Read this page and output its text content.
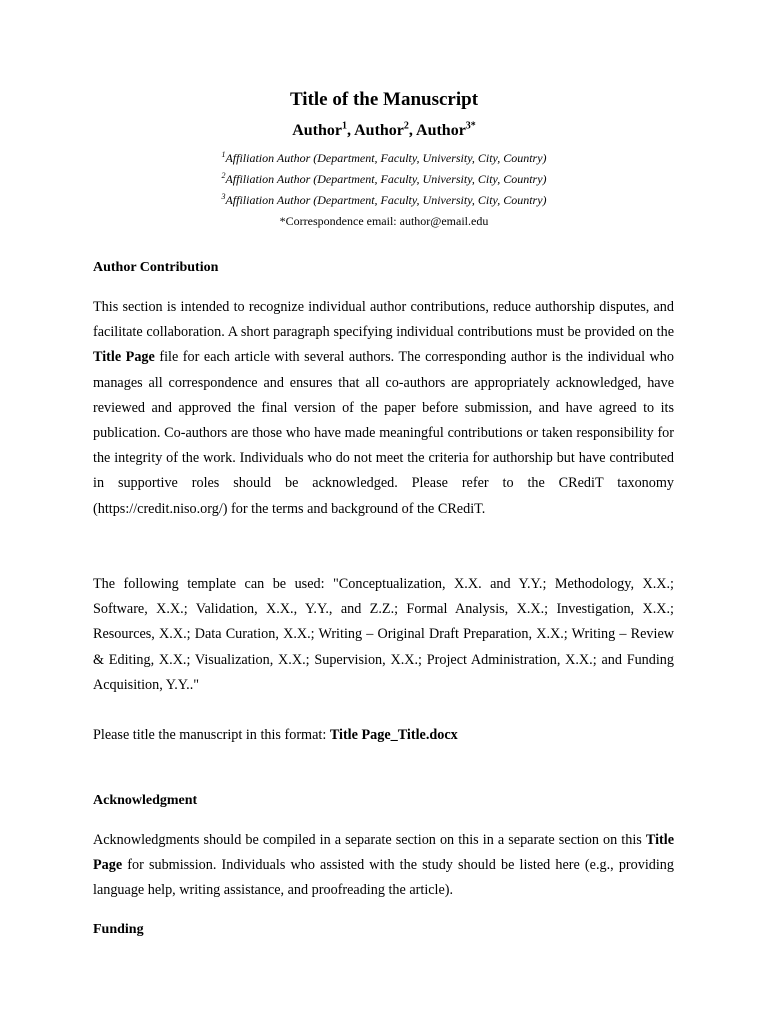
Title of the Manuscript
Author$^1$, Author$^2$, Author$^{3*}$
$^1$Affiliation Author (Department, Faculty, University, City, Country)
$^2$Affiliation Author (Department, Faculty, University, City, Country)
$^3$Affiliation Author (Department, Faculty, University, City, Country)
*Correspondence email: author@email.edu
Author Contribution
This section is intended to recognize individual author contributions, reduce authorship disputes, and facilitate collaboration. A short paragraph specifying individual contributions must be provided on the Title Page file for each article with several authors. The corresponding author is the individual who manages all correspondence and ensures that all co-authors are appropriately acknowledged, have reviewed and approved the final version of the paper before submission, and have agreed to its publication. Co-authors are those who have made meaningful contributions or taken responsibility for the integrity of the work. Individuals who do not meet the criteria for authorship but have contributed in supportive roles should be acknowledged. Please refer to the CRediT taxonomy (https://credit.niso.org/) for the terms and background of the CRediT.
The following template can be used: "Conceptualization, X.X. and Y.Y.; Methodology, X.X.; Software, X.X.; Validation, X.X., Y.Y., and Z.Z.; Formal Analysis, X.X.; Investigation, X.X.; Resources, X.X.; Data Curation, X.X.; Writing – Original Draft Preparation, X.X.; Writing – Review & Editing, X.X.; Visualization, X.X.; Supervision, X.X.; Project Administration, X.X.; and Funding Acquisition, Y.Y.."
Please title the manuscript in this format: Title Page_Title.docx
Acknowledgment
Acknowledgments should be compiled in a separate section on this in a separate section on this Title Page for submission. Individuals who assisted with the study should be listed here (e.g., providing language help, writing assistance, and proofreading the article).
Funding
